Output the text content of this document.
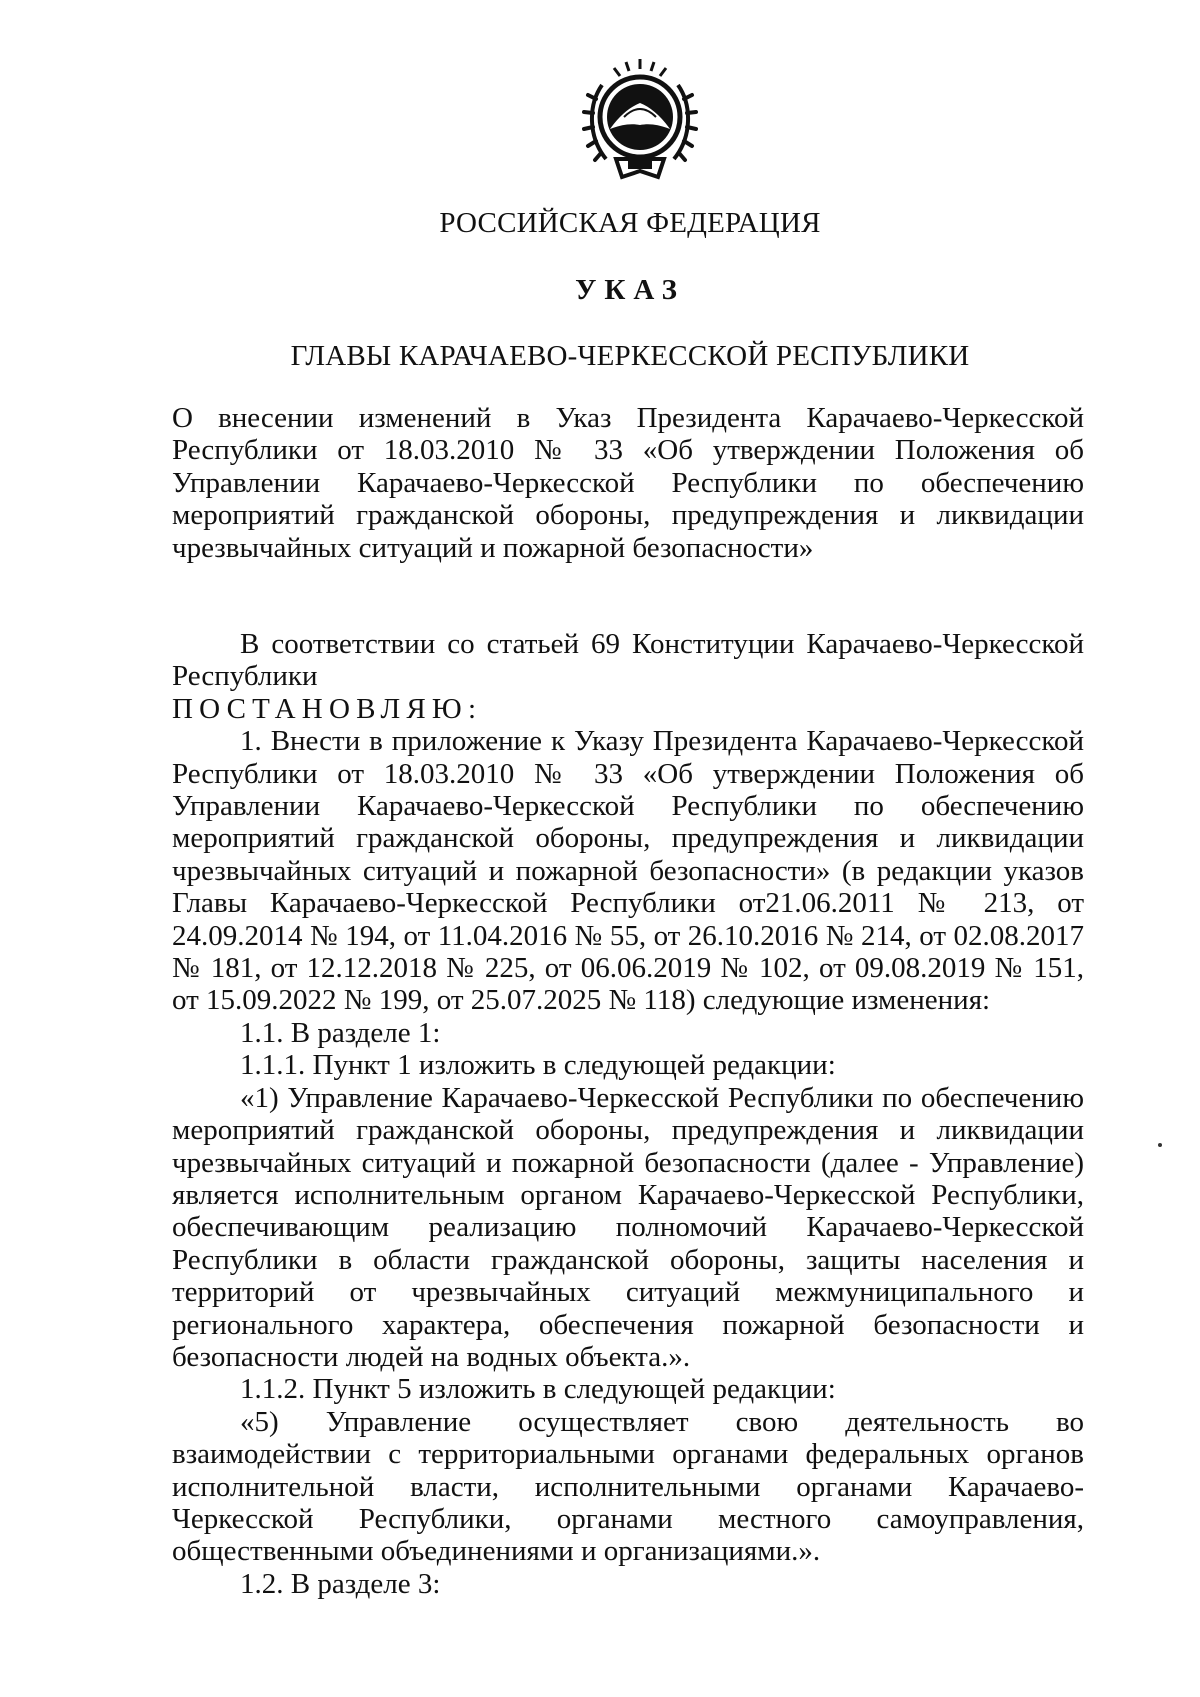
РОССИЙСКАЯ ФЕДЕРАЦИЯ
УКАЗ
ГЛАВЫ КАРАЧАЕВО-ЧЕРКЕССКОЙ РЕСПУБЛИКИ

О внесении изменений в Указ Президента Карачаево-Черкесской Республики от 18.03.2010 № 33 «Об утверждении Положения об Управлении Карачаево-Черкесской Республики по обеспечению мероприятий гражданской обороны, предупреждения и ликвидации чрезвычайных ситуаций и пожарной безопасности»

В соответствии со статьей 69 Конституции Карачаево-Черкесской Республики

ПОСТАНОВЛЯЮ:

1. Внести в приложение к Указу Президента Карачаево-Черкесской Республики от 18.03.2010 № 33 «Об утверждении Положения об Управлении Карачаево-Черкесской Республики по обеспечению мероприятий гражданской обороны, предупреждения и ликвидации чрезвычайных ситуаций и пожарной безопасности» (в редакции указов Главы Карачаево-Черкесской Республики от21.06.2011 № 213, от 24.09.2014 № 194, от 11.04.2016 № 55, от 26.10.2016 № 214, от 02.08.2017 № 181, от 12.12.2018 № 225, от 06.06.2019 № 102, от 09.08.2019 № 151, от 15.09.2022 № 199, от 25.07.2025 № 118) следующие изменения:

1.1. В разделе 1:

1.1.1. Пункт 1 изложить в следующей редакции:

«1) Управление Карачаево-Черкесской Республики по обеспечению мероприятий гражданской обороны, предупреждения и ликвидации чрезвычайных ситуаций и пожарной безопасности (далее - Управление) является исполнительным органом Карачаево-Черкесской Республики, обеспечивающим реализацию полномочий Карачаево-Черкесской Республики в области гражданской обороны, защиты населения и территорий от чрезвычайных ситуаций межмуниципального и регионального характера, обеспечения пожарной безопасности и безопасности людей на водных объекта.».

1.1.2. Пункт 5 изложить в следующей редакции:

«5) Управление осуществляет свою деятельность во взаимодействии с территориальными органами федеральных органов исполнительной власти, исполнительными органами Карачаево-Черкесской Республики, органами местного самоуправления, общественными объединениями и организациями.».

1.2. В разделе 3:
